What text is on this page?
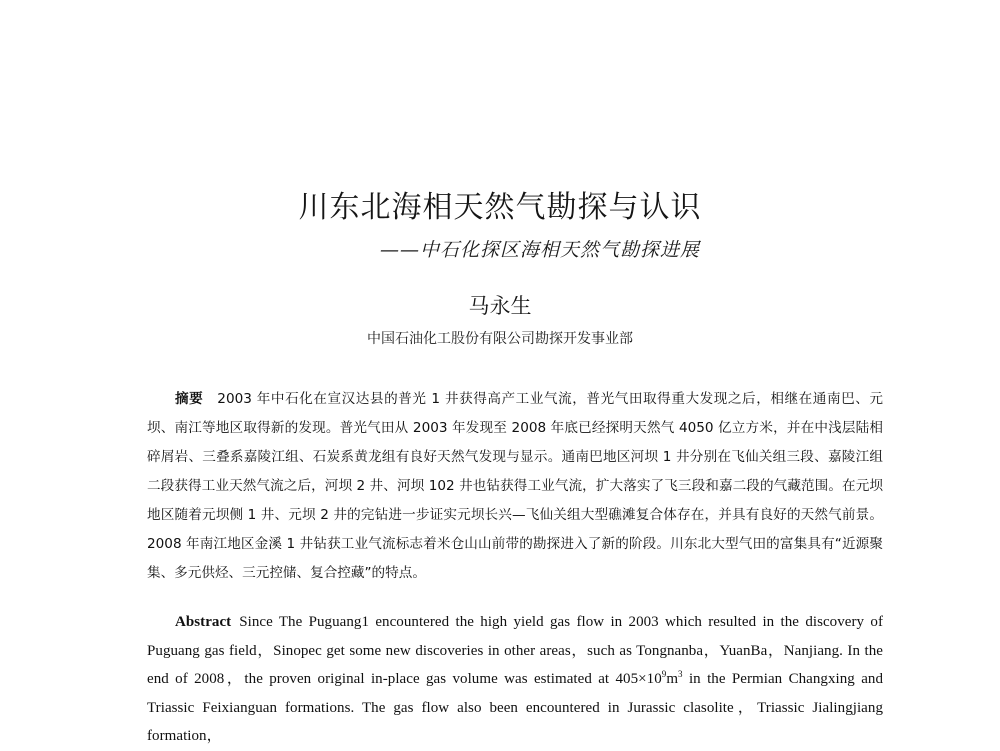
川东北海相天然气勘探与认识
——中石化探区海相天然气勘探进展
马永生
中国石油化工股份有限公司勘探开发事业部
摘要 2003 年中石化在宣汉达县的普光 1 井获得高产工业气流，普光气田取得重大发现之后，相继在通南巴、元坝、南江等地区取得新的发现。普光气田从 2003 年发现至 2008 年底已经探明天然气 4050 亿立方米，并在中浅层陆相碎屑岩、三叠系嘉陵江组、石炭系黄龙组有良好天然气发现与显示。通南巴地区河坝 1 井分别在飞仙关组三段、嘉陵江组二段获得工业天然气流之后，河坝 2 井、河坝 102 井也钻获得工业气流，扩大落实了飞三段和嘉二段的气藏范围。在元坝地区随着元坝侧 1 井、元坝 2 井的完钻进一步证实元坝长兴—飞仙关组大型礁滩复合体存在，并具有良好的天然气前景。2008 年南江地区金溪 1 井钻获工业气流标志着米仓山山前带的勘探进入了新的阶段。川东北大型气田的富集具有“近源聚集、多元供烃、三元控储、复合控藏”的特点。
Abstract Since The Puguang1 encountered the high yield gas flow in 2003 which resulted in the discovery of Puguang gas field，Sinopec get some new discoveries in other areas，such as Tongnanba，YuanBa，Nanjiang. In the end of 2008，the proven original in-place gas volume was estimated at $405\times 10^9m^3$ in the Permian Changxing and Triassic Feixianguan formations. The gas flow also been encountered in Jurassic clasolite，Triassic Jialingjiang formation，
